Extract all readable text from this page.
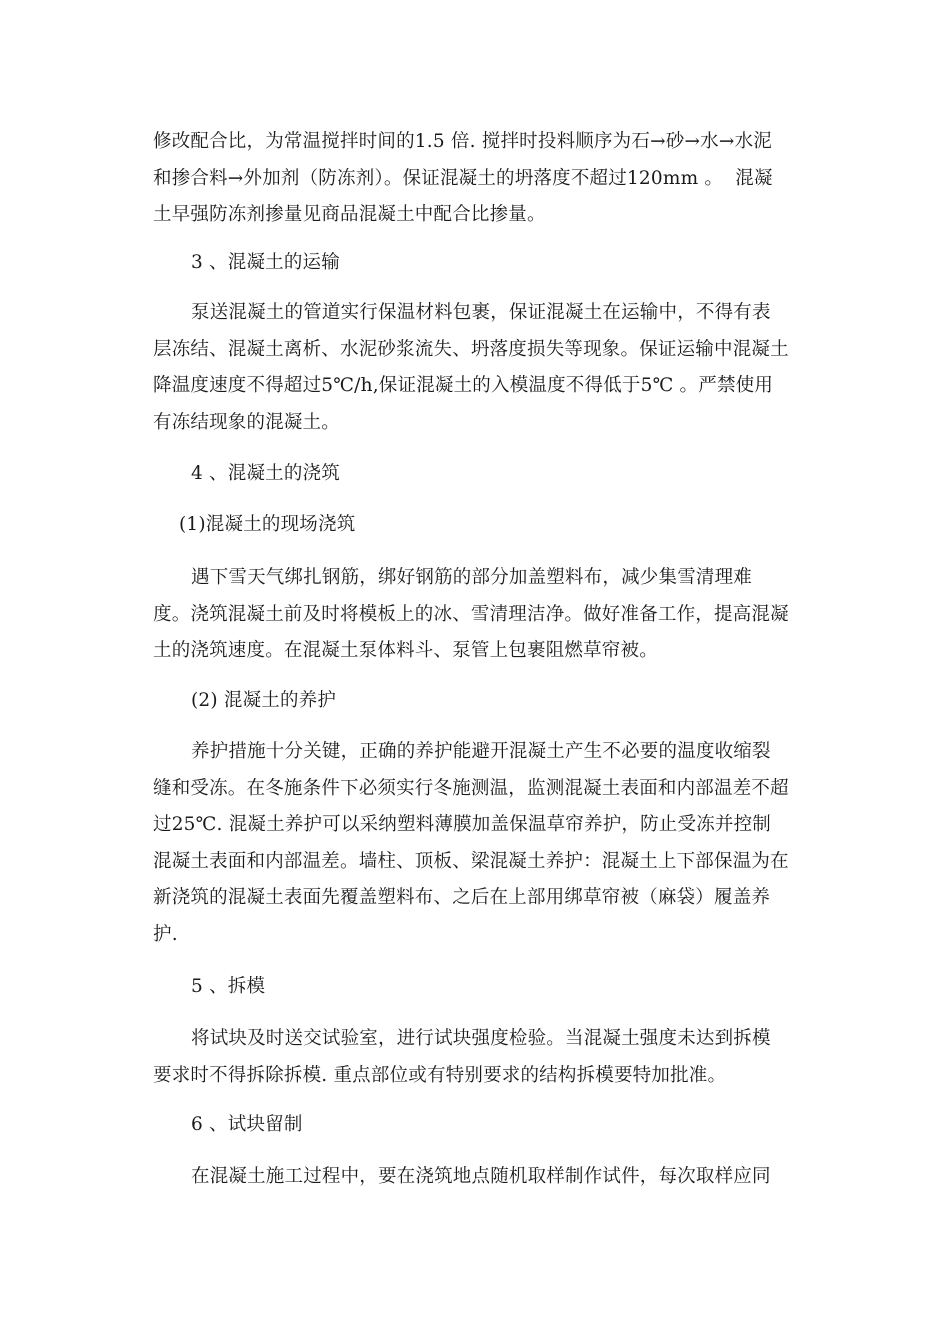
修改配合比，为常温搅拌时间的1.5 倍. 搅拌时投料顺序为石→砂→水→水泥和掺合料→外加剂（防冻剂）。保证混凝土的坍落度不超过120mm 。  混凝土早强防冻剂掺量见商品混凝土中配合比掺量。

3 、混凝土的运输

泵送混凝土的管道实行保温材料包裹，保证混凝土在运输中，不得有表层冻结、混凝土离析、水泥砂浆流失、坍落度损失等现象。保证运输中混凝土降温度速度不得超过5℃/h,保证混凝土的入模温度不得低于5℃ 。严禁使用有冻结现象的混凝土。

4 、混凝土的浇筑

(1)混凝土的现场浇筑

遇下雪天气绑扎钢筋，绑好钢筋的部分加盖塑料布，减少集雪清理难度。浇筑混凝土前及时将模板上的冰、雪清理洁净。做好准备工作，提高混凝土的浇筑速度。在混凝土泵体料斗、泵管上包裹阻燃草帘被。

(2) 混凝土的养护

养护措施十分关键，正确的养护能避开混凝土产生不必要的温度收缩裂缝和受冻。在冬施条件下必须实行冬施测温，监测混凝土表面和内部温差不超过25℃. 混凝土养护可以采纳塑料薄膜加盖保温草帘养护，防止受冻并控制混凝土表面和内部温差。墙柱、顶板、梁混凝土养护：混凝土上下部保温为在新浇筑的混凝土表面先覆盖塑料布、之后在上部用绑草帘被（麻袋）履盖养护.

5 、拆模

将试块及时送交试验室，进行试块强度检验。当混凝土强度未达到拆模要求时不得拆除拆模. 重点部位或有特别要求的结构拆模要特加批准。

6 、试块留制

在混凝土施工过程中，要在浇筑地点随机取样制作试件，每次取样应同
